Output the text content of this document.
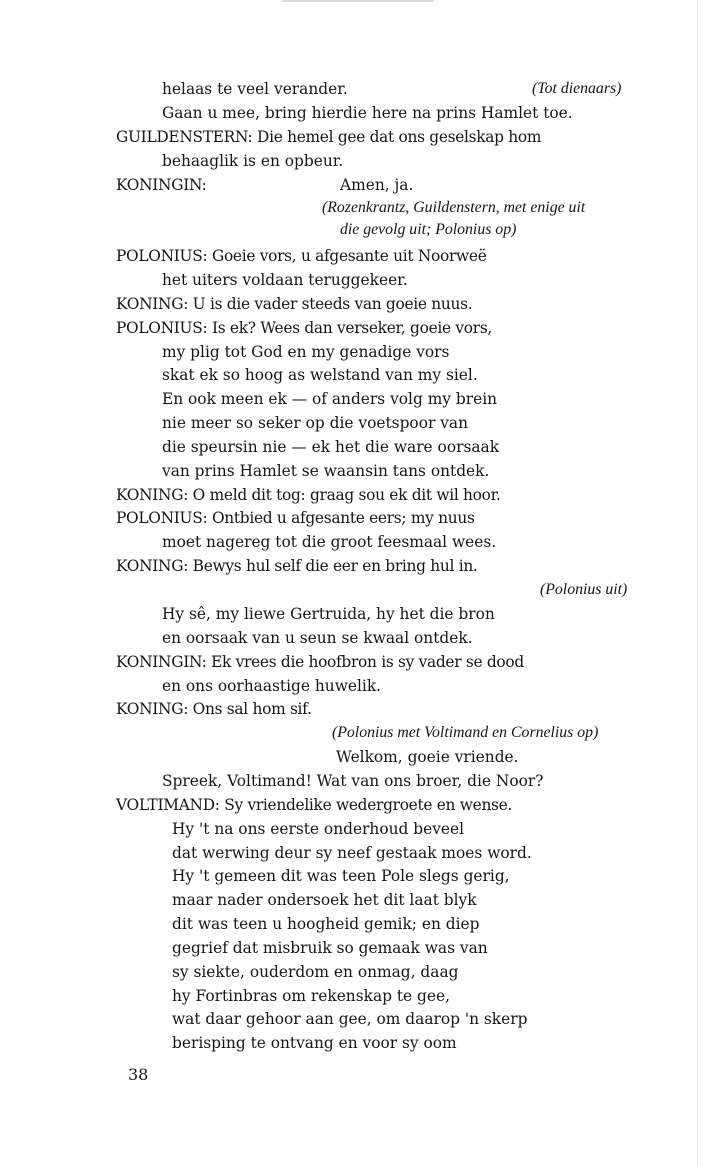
helaas te veel verander.	(Tot dienaars)
Gaan u mee, bring hierdie here na prins Hamlet toe.
GUILDENSTERN: Die hemel gee dat ons geselskap hom
behaaglik is en opbeur.
KONINGIN:	Amen, ja.
(Rozenkrantz, Guildenstern, met enige uit
die gevolg uit; Polonius op)
POLONIUS: Goeie vors, u afgesante uit Noorweë
het uiters voldaan teruggekeer.
KONING: U is die vader steeds van goeie nuus.
POLONIUS: Is ek? Wees dan verseker, goeie vors,
my plig tot God en my genadige vors
skat ek so hoog as welstand van my siel.
En ook meen ek — of anders volg my brein
nie meer so seker op die voetspoor van
die speursin nie — ek het die ware oorsaak
van prins Hamlet se waansin tans ontdek.
KONING: O meld dit tog: graag sou ek dit wil hoor.
POLONIUS: Ontbied u afgesante eers; my nuus
moet nagereg tot die groot feesmaal wees.
KONING: Bewys hul self die eer en bring hul in.
(Polonius uit)
Hy sê, my liewe Gertruida, hy het die bron
en oorsaak van u seun se kwaal ontdek.
KONINGIN: Ek vrees die hoofbron is sy vader se dood
en ons oorhaastige huwelik.
KONING: Ons sal hom sif.
(Polonius met Voltimand en Cornelius op)
Welkom, goeie vriende.
Spreek, Voltimand! Wat van ons broer, die Noor?
VOLTIMAND: Sy vriendelike wedergroete en wense.
Hy 't na ons eerste onderhoud beveel
dat werwing deur sy neef gestaak moes word.
Hy 't gemeen dit was teen Pole slegs gerig,
maar nader ondersoek het dit laat blyk
dit was teen u hoogheid gemik; en diep
gegrief dat misbruik so gemaak was van
sy siekte, ouderdom en onmag, daag
hy Fortinbras om rekenskap te gee,
wat daar gehoor aan gee, om daarop 'n skerp
berisping te ontvang en voor sy oom
38
